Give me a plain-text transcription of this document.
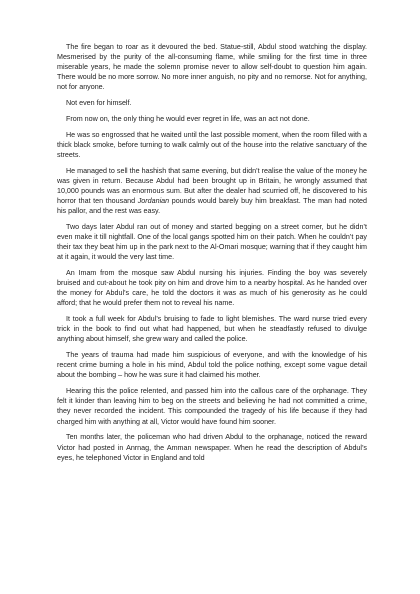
The fire began to roar as it devoured the bed. Statue-still, Abdul stood watching the display. Mesmerised by the purity of the all-consuming flame, while smiling for the first time in three miserable years, he made the solemn promise never to allow self-doubt to question him again. There would be no more sorrow. No more inner anguish, no pity and no remorse. Not for anything, not for anyone.

Not even for himself.

From now on, the only thing he would ever regret in life, was an act not done.

He was so engrossed that he waited until the last possible moment, when the room filled with a thick black smoke, before turning to walk calmly out of the house into the relative sanctuary of the streets.

He managed to sell the hashish that same evening, but didn’t realise the value of the money he was given in return. Because Abdul had been brought up in Britain, he wrongly assumed that 10,000 pounds was an enormous sum. But after the dealer had scurried off, he discovered to his horror that ten thousand Jordanian pounds would barely buy him breakfast. The man had noted his pallor, and the rest was easy.

Two days later Abdul ran out of money and started begging on a street corner, but he didn’t even make it till nightfall. One of the local gangs spotted him on their patch. When he couldn’t pay their tax they beat him up in the park next to the Al-Omari mosque; warning that if they caught him at it again, it would the very last time.

An Imam from the mosque saw Abdul nursing his injuries. Finding the boy was severely bruised and cut-about he took pity on him and drove him to a nearby hospital. As he handed over the money for Abdul’s care, he told the doctors it was as much of his generosity as he could afford; that he would prefer them not to reveal his name.

It took a full week for Abdul’s bruising to fade to light blemishes. The ward nurse tried every trick in the book to find out what had happened, but when he steadfastly refused to divulge anything about himself, she grew wary and called the police.

The years of trauma had made him suspicious of everyone, and with the knowledge of his recent crime burning a hole in his mind, Abdul told the police nothing, except some vague detail about the bombing – how he was sure it had claimed his mother.

Hearing this the police relented, and passed him into the callous care of the orphanage. They felt it kinder than leaving him to beg on the streets and believing he had not committed a crime, they never recorded the incident. This compounded the tragedy of his life because if they had charged him with anything at all, Victor would have found him sooner.

Ten months later, the policeman who had driven Abdul to the orphanage, noticed the reward Victor had posted in Anrnag, the Amman newspaper. When he read the description of Abdul’s eyes, he telephoned Victor in England and told
